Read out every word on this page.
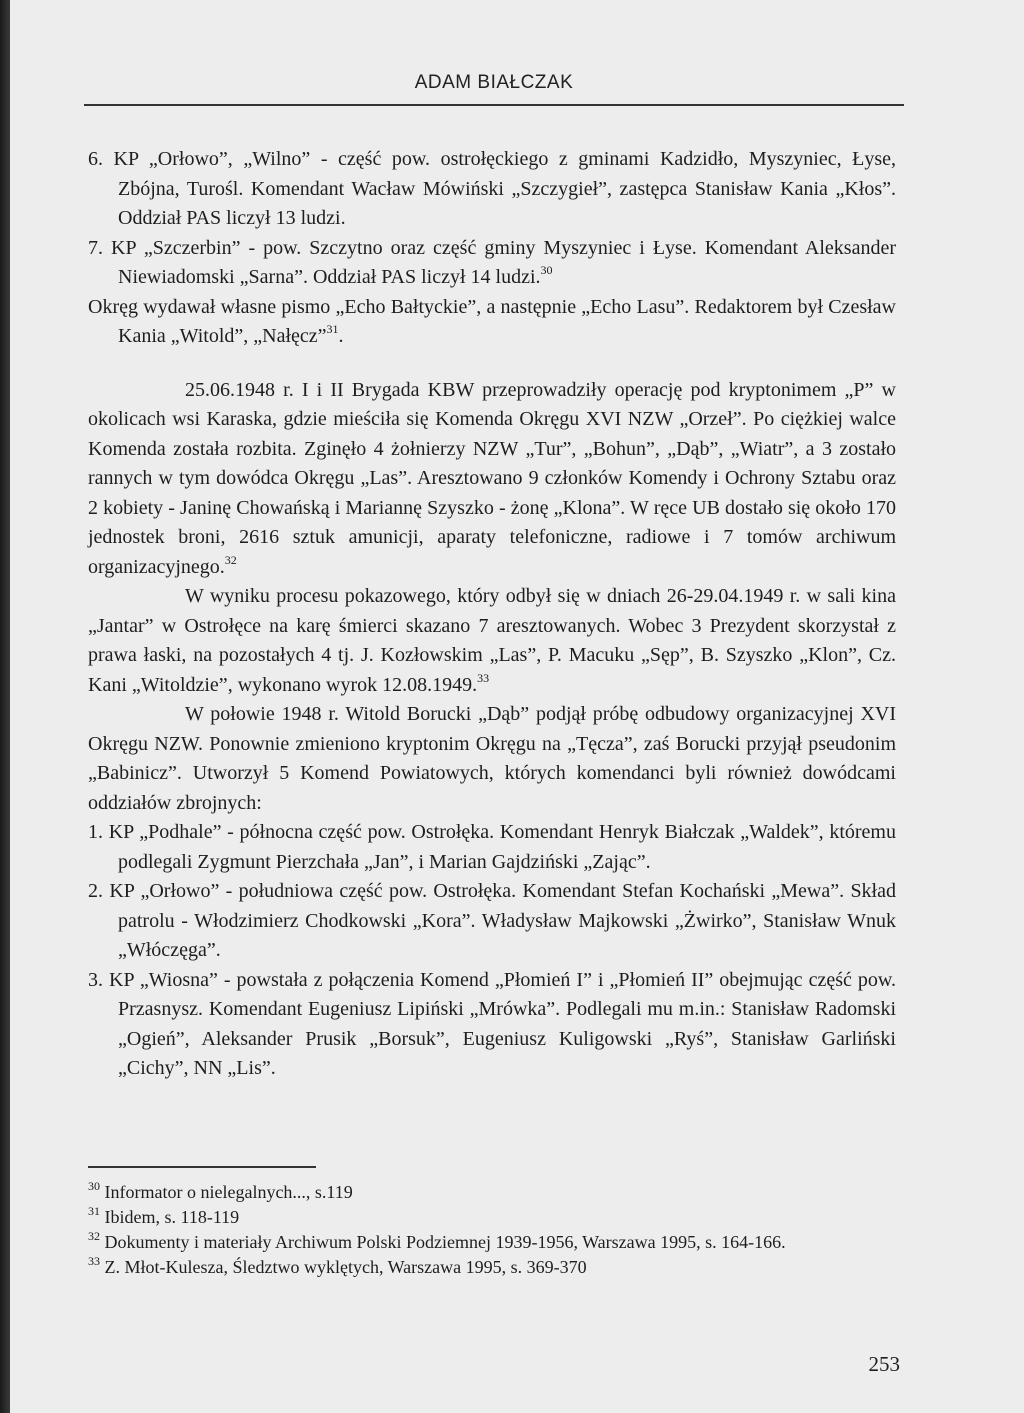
ADAM BIAŁCZAK

6. KP „Orłowo”, „Wilno” - część pow. ostrołęckiego z gminami Kadzidło, Myszyniec, Łyse, Zbójna, Turośl. Komendant Wacław Mówiński „Szczygieł”, zastępca Stanisław Kania „Kłos”. Oddział PAS liczył 13 ludzi.

7. KP „Szczerbin” - pow. Szczytno oraz część gminy Myszyniec i Łyse. Komendant Aleksander Niewiadomski „Sarna”. Oddział PAS liczył 14 ludzi.$^{30}$

Okręg wydawał własne pismo „Echo Bałtyckie”, a następnie „Echo Lasu”. Redaktorem był Czesław Kania „Witold”, „Nałęcz”$^{31}$.

25.06.1948 r. I i II Brygada KBW przeprowadziły operację pod kryptonimem „P” w okolicach wsi Karaska, gdzie mieściła się Komenda Okręgu XVI NZW „Orzeł”. Po ciężkiej walce Komenda została rozbita. Zginęło 4 żołnierzy NZW „Tur”, „Bohun”, „Dąb”, „Wiatr”, a 3 zostało rannych w tym dowódca Okręgu „Las”. Aresztowano 9 członków Komendy i Ochrony Sztabu oraz 2 kobiety - Janinę Chowańską i Mariannę Szyszko - żonę „Klona”. W ręce UB dostało się około 170 jednostek broni, 2616 sztuk amunicji, aparaty telefoniczne, radiowe i 7 tomów archiwum organizacyjnego.$^{32}$

W wyniku procesu pokazowego, który odbył się w dniach 26-29.04.1949 r. w sali kina „Jantar” w Ostrołęce na karę śmierci skazano 7 aresztowanych. Wobec 3 Prezydent skorzystał z prawa łaski, na pozostałych 4 tj. J. Kozłowskim „Las”, P. Macuku „Sęp”, B. Szyszko „Klon”, Cz. Kani „Witoldzie”, wykonano wyrok 12.08.1949.33

W połowie 1948 r. Witold Borucki „Dąb” podjął próbę odbudowy organizacyjnej XVI Okręgu NZW. Ponownie zmieniono kryptonim Okręgu na „Tęcza”, zaś Borucki przyjął pseudonim „Babinicz”. Utworzył 5 Komend Powiatowych, których komendanci byli również dowódcami oddziałów zbrojnych:

1. KP „Podhale” - północna część pow. Ostrołęka. Komendant Henryk Białczak „Waldek”, któremu podlegali Zygmunt Pierzchała „Jan”, i Marian Gajdziński „Zając”.

2. KP „Orłowo” - południowa część pow. Ostrołęka. Komendant Stefan Kochański „Mewa”. Skład patrolu - Włodzimierz Chodkowski „Kora”. Władysław Majkowski „Żwirko”, Stanisław Wnuk „Włóczęga”.

3. KP „Wiosna” - powstała z połączenia Komend „Płomień I” i „Płomień II” obejmując część pow. Przasnysz. Komendant Eugeniusz Lipiński „Mrówka”. Podlegali mu m.in.: Stanisław Radomski „Ogień”, Aleksander Prusik „Borsuk”, Eugeniusz Kuligowski „Ryś”, Stanisław Garliński „Cichy”, NN „Lis”.

$^{30}$ Informator o nielegalnych..., s.119

$^{31}$ Ibidem, s. 118-119

$^{32}$ Dokumenty i materiały Archiwum Polski Podziemnej 1939-1956, Warszawa 1995, s. 164-166.

$^{33}$ Z. Młot-Kulesza, Śledztwo wyklętych, Warszawa 1995, s. 369-370

253
